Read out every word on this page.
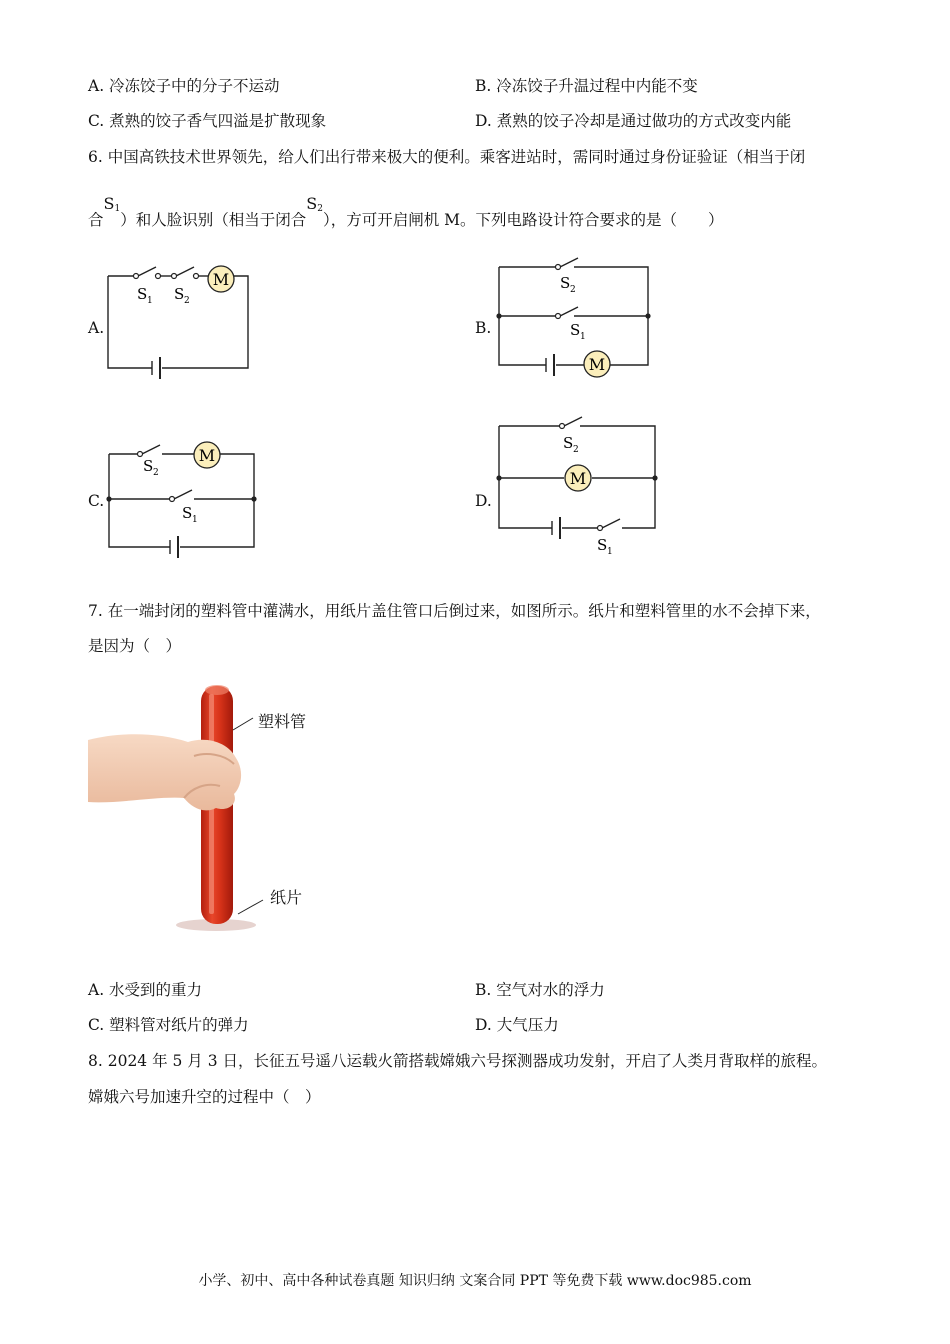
A. 冷冻饺子中的分子不运动	B. 冷冻饺子升温过程中内能不变
C. 煮熟的饺子香气四溢是扩散现象	D. 煮熟的饺子冷却是通过做功的方式改变内能
6. 中国高铁技术世界领先，给人们出行带来极大的便利。乘客进站时，需同时通过身份证验证（相当于闭
合$S^1$）和人脸识别（相当于闭合$S^2$），方可开启闸机 M。下列电路设计符合要求的是（　　）
A.	B.
C.	D.
M
S 1 S 2
M
S 2
S 1
M
S 2
S 1
M
S 2
S 1
7. 在一端封闭的塑料管中灌满水，用纸片盖住管口后倒过来，如图所示。纸片和塑料管里的水不会掉下来，
是因为（　）
塑料管
纸片
A. 水受到的重力	B. 空气对水的浮力
C. 塑料管对纸片的弹力	D. 大气压力
8. 2024 年 5 月 3 日，长征五号遥八运载火箭搭载嫦娥六号探测器成功发射，开启了人类月背取样的旅程。
嫦娥六号加速升空的过程中（　）
小学、初中、高中各种试卷真题 知识归纳 文案合同 PPT 等免费下载 www.doc985.com
